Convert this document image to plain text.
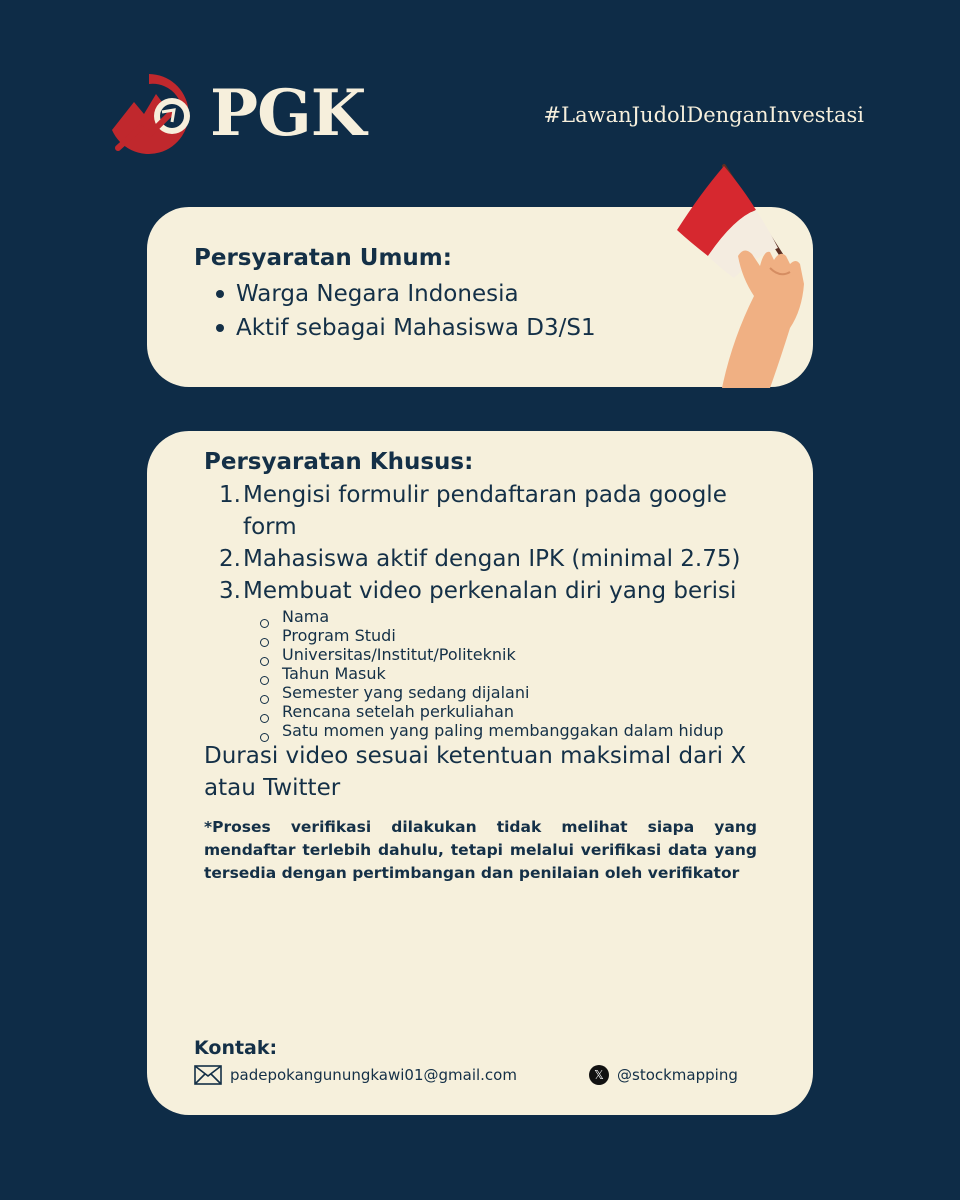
PGK	#LawanJudolDenganInvestasi
Persyaratan Umum:
Warga Negara Indonesia
Aktif sebagai Mahasiswa D3/S1
Persyaratan Khusus:
1. Mengisi formulir pendaftaran pada google form
2. Mahasiswa aktif dengan IPK (minimal 2.75)
3. Membuat video perkenalan diri yang berisi
Nama
Program Studi
Universitas/Institut/Politeknik
Tahun Masuk
Semester yang sedang dijalani
Rencana setelah perkuliahan
Satu momen yang paling membanggakan dalam hidup

Durasi video sesuai ketentuan maksimal dari X atau Twitter

*Proses verifikasi dilakukan tidak melihat siapa yang mendaftar terlebih dahulu, tetapi melalui verifikasi data yang tersedia dengan pertimbangan dan penilaian oleh verifikator

Kontak:
padepokangunungkawi01@gmail.com	𝕏 @stockmapping
